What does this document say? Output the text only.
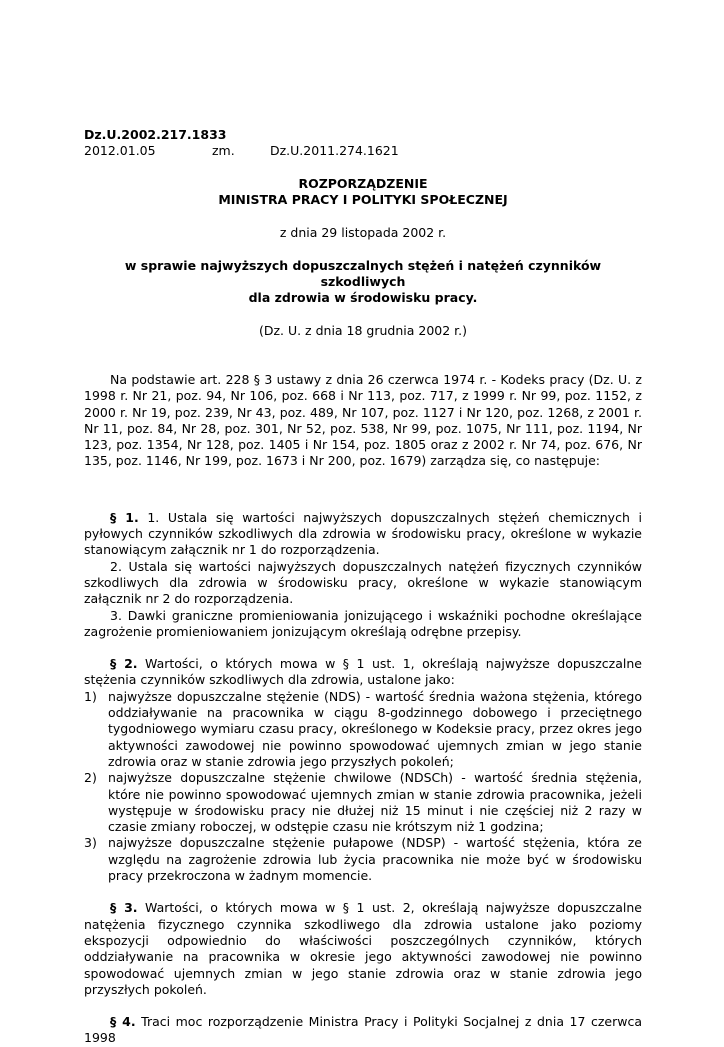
Dz.U.2002.217.1833
2012.01.05	zm.	Dz.U.2011.274.1621
ROZPORZĄDZENIE
MINISTRA PRACY I POLITYKI SPOŁECZNEJ
z dnia 29 listopada 2002 r.
w sprawie najwyższych dopuszczalnych stężeń i natężeń czynników szkodliwych
dla zdrowia w środowisku pracy.
(Dz. U. z dnia 18 grudnia 2002 r.)

Na podstawie art. 228 § 3 ustawy z dnia 26 czerwca 1974 r. - Kodeks pracy (Dz. U. z 1998 r. Nr 21, poz. 94, Nr 106, poz. 668 i Nr 113, poz. 717, z 1999 r. Nr 99, poz. 1152, z 2000 r. Nr 19, poz. 239, Nr 43, poz. 489, Nr 107, poz. 1127 i Nr 120, poz. 1268, z 2001 r. Nr 11, poz. 84, Nr 28, poz. 301, Nr 52, poz. 538, Nr 99, poz. 1075, Nr 111, poz. 1194, Nr 123, poz. 1354, Nr 128, poz. 1405 i Nr 154, poz. 1805 oraz z 2002 r. Nr 74, poz. 676, Nr 135, poz. 1146, Nr 199, poz. 1673 i Nr 200, poz. 1679) zarządza się, co następuje:

§ 1. 1. Ustala się wartości najwyższych dopuszczalnych stężeń chemicznych i pyłowych czynników szkodliwych dla zdrowia w środowisku pracy, określone w wykazie stanowiącym załącznik nr 1 do rozporządzenia.

2. Ustala się wartości najwyższych dopuszczalnych natężeń fizycznych czynników szkodliwych dla zdrowia w środowisku pracy, określone w wykazie stanowiącym załącznik nr 2 do rozporządzenia.

3. Dawki graniczne promieniowania jonizującego i wskaźniki pochodne określające zagrożenie promieniowaniem jonizującym określają odrębne przepisy.

§ 2. Wartości, o których mowa w § 1 ust. 1, określają najwyższe dopuszczalne stężenia czynników szkodliwych dla zdrowia, ustalone jako:

1) najwyższe dopuszczalne stężenie (NDS) - wartość średnia ważona stężenia, którego oddziaływanie na pracownika w ciągu 8-godzinnego dobowego i przeciętnego tygodniowego wymiaru czasu pracy, określonego w Kodeksie pracy, przez okres jego aktywności zawodowej nie powinno spowodować ujemnych zmian w jego stanie zdrowia oraz w stanie zdrowia jego przyszłych pokoleń;
2) najwyższe dopuszczalne stężenie chwilowe (NDSCh) - wartość średnia stężenia, które nie powinno spowodować ujemnych zmian w stanie zdrowia pracownika, jeżeli występuje w środowisku pracy nie dłużej niż 15 minut i nie częściej niż 2 razy w czasie zmiany roboczej, w odstępie czasu nie krótszym niż 1 godzina;
3) najwyższe dopuszczalne stężenie pułapowe (NDSP) - wartość stężenia, która ze względu na zagrożenie zdrowia lub życia pracownika nie może być w środowisku pracy przekroczona w żadnym momencie.

§ 3. Wartości, o których mowa w § 1 ust. 2, określają najwyższe dopuszczalne natężenia fizycznego czynnika szkodliwego dla zdrowia ustalone jako poziomy ekspozycji odpowiednio do właściwości poszczególnych czynników, których oddziaływanie na pracownika w okresie jego aktywności zawodowej nie powinno spowodować ujemnych zmian w jego stanie zdrowia oraz w stanie zdrowia jego przyszłych pokoleń.

§ 4. Traci moc rozporządzenie Ministra Pracy i Polityki Socjalnej z dnia 17 czerwca 1998
